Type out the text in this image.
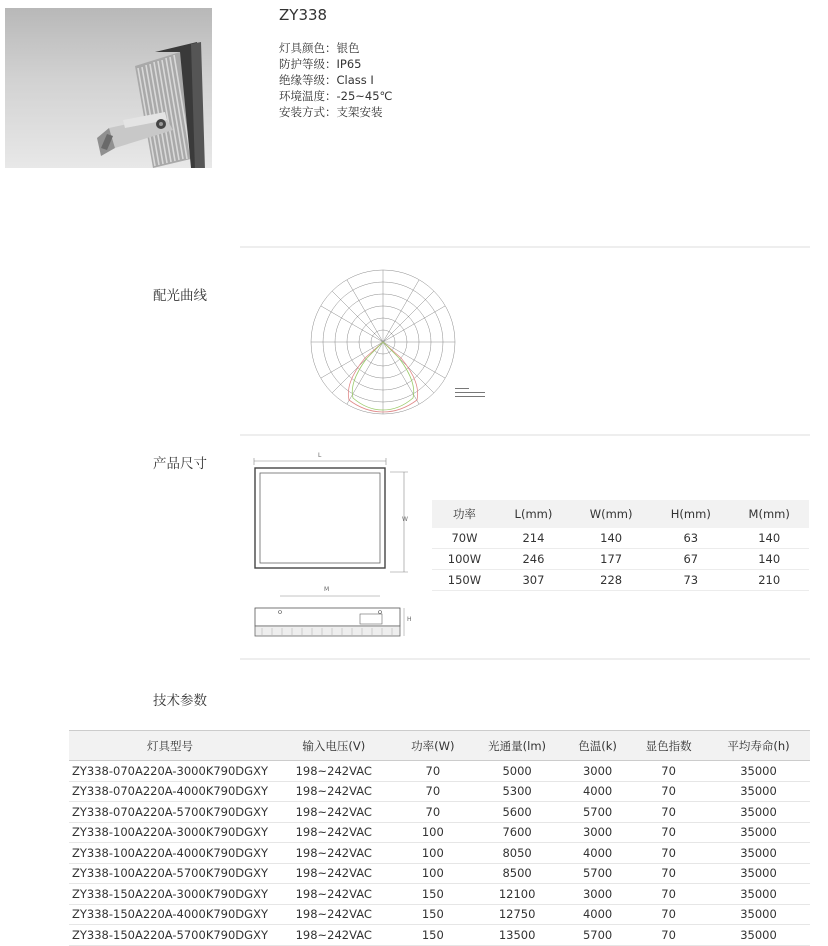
ZY338
灯具颜色：银色
防护等级：IP65
绝缘等级：Class I
环境温度：-25~45℃
安装方式：支架安装
配光曲线
产品尺寸
L
W
M
H
功率	L(mm)	W(mm)	H(mm)	M(mm)
70W	214	140	63	140
100W	246	177	67	140
150W	307	228	73	210
技术参数
灯具型号	输入电压(V)	功率(W)	光通量(lm)	色温(k)	显色指数	平均寿命(h)
ZY338-070A220A-3000K790DGXY	198~242VAC	70	5000	3000	70	35000
ZY338-070A220A-4000K790DGXY	198~242VAC	70	5300	4000	70	35000
ZY338-070A220A-5700K790DGXY	198~242VAC	70	5600	5700	70	35000
ZY338-100A220A-3000K790DGXY	198~242VAC	100	7600	3000	70	35000
ZY338-100A220A-4000K790DGXY	198~242VAC	100	8050	4000	70	35000
ZY338-100A220A-5700K790DGXY	198~242VAC	100	8500	5700	70	35000
ZY338-150A220A-3000K790DGXY	198~242VAC	150	12100	3000	70	35000
ZY338-150A220A-4000K790DGXY	198~242VAC	150	12750	4000	70	35000
ZY338-150A220A-5700K790DGXY	198~242VAC	150	13500	5700	70	35000
